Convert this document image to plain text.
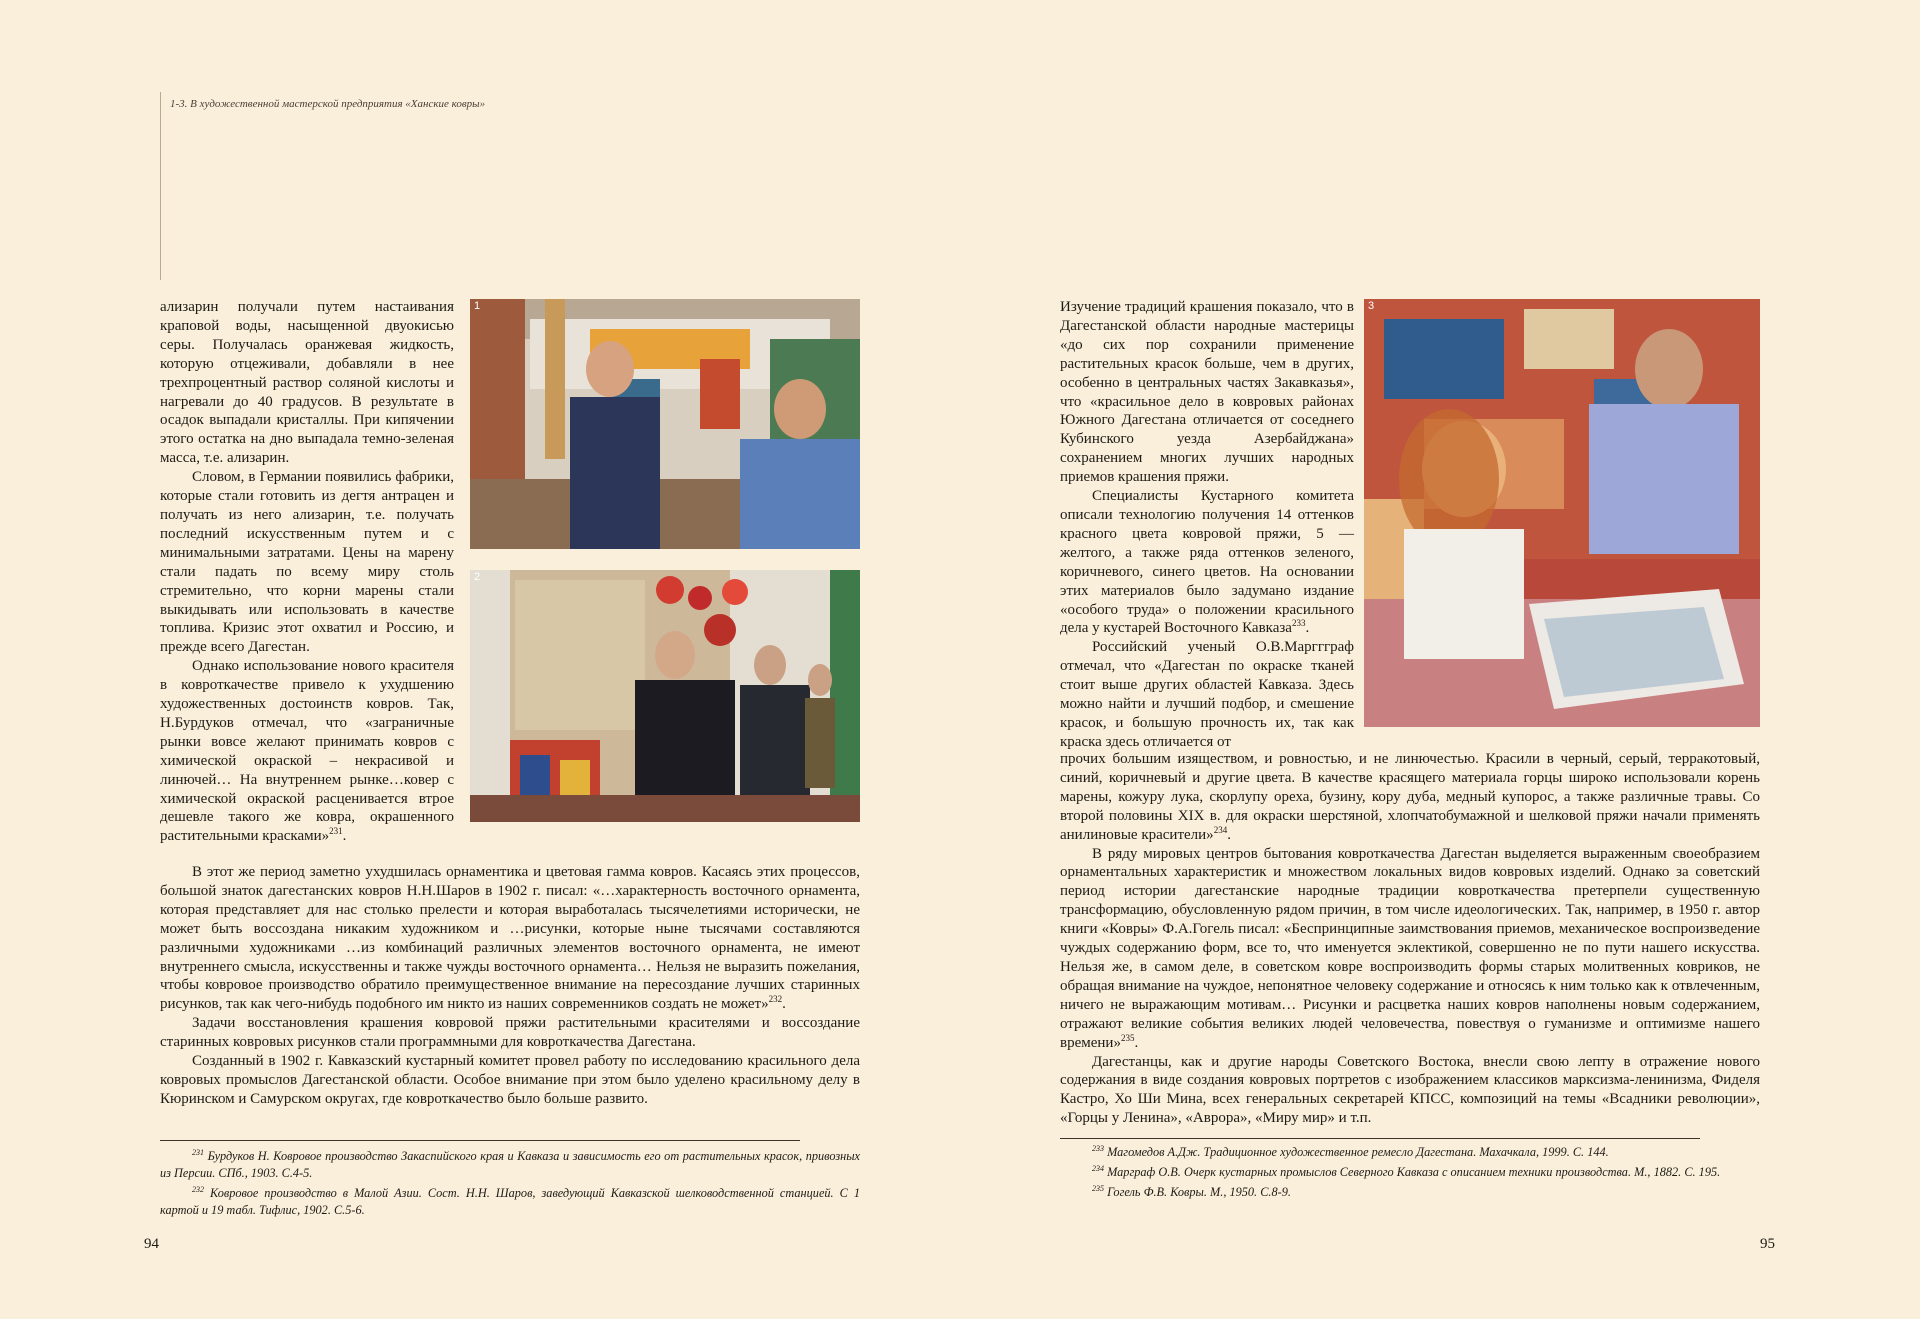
1-3. В художественной мастерской предприятия «Ханские ковры»

ализарин получали путем настаивания краповой воды, насыщенной двуокисью серы. Получалась оранжевая жидкость, которую отцеживали, добавляли в нее трехпроцентный раствор соляной кислоты и нагревали до 40 градусов. В результате в осадок выпадали кристаллы. При кипячении этого остатка на дно выпадала темно-зеленая масса, т.е. ализарин.

Словом, в Германии появились фабрики, которые стали готовить из дегтя антрацен и получать из него ализарин, т.е. получать последний искусственным путем и с минимальными затратами. Цены на марену стали падать по всему миру столь стремительно, что корни марены стали выкидывать или использовать в качестве топлива. Кризис этот охватил и Россию, и прежде всего Дагестан.

Однако использование нового красителя в ковроткачестве привело к ухудшению художественных достоинств ковров. Так, Н.Бурдуков отмечал, что «заграничные рынки вовсе желают принимать ковров с химической окраской – некрасивой и линючей… На внутреннем рынке…ковер с химической окраской расценивается втрое дешевле такого же ковра, окрашенного растительными красками»$^{231}$.

1
2

В этот же период заметно ухудшилась орнаментика и цветовая гамма ковров. Касаясь этих процессов, большой знаток дагестанских ковров Н.Н.Шаров в 1902 г. писал: «…характерность восточного орнамента, которая представляет для нас столько прелести и которая выработалась тысячелетиями исторически, не может быть воссоздана никаким художником и …рисунки, которые ныне тысячами составляются различными художниками …из комбинаций различных элементов восточного орнамента, не имеют внутреннего смысла, искусственны и также чужды восточного орнамента… Нельзя не выразить пожелания, чтобы ковровое производство обратило преимущественное внимание на пересоздание лучших старинных рисунков, так как чего-нибудь подобного им никто из наших современников создать не может»$^{232}$.

Задачи восстановления крашения ковровой пряжи растительными красителями и воссоздание старинных ковровых рисунков стали программными для ковроткачества Дагестана.

Созданный в 1902 г. Кавказский кустарный комитет провел работу по исследованию красильного дела ковровых промыслов Дагестанской области. Особое внимание при этом было уделено красильному делу в Кюринском и Самурском округах, где ковроткачество было больше развито.

$^{231}$ Бурдуков Н. Ковровое производство Закаспийского края и Кавказа и зависимость его от растительных красок, привозных из Персии. СПб., 1903. С.4-5.

$^{232}$ Ковровое производство в Малой Азии. Сост. Н.Н. Шаров, заведующий Кавказской шелководственной станцией. С 1 картой и 19 табл. Тифлис, 1902. С.5-6.

94

Изучение традиций крашения показало, что в Дагестанской области народные мастерицы «до сих пор сохранили применение растительных красок больше, чем в других, особенно в центральных частях Закавказья», что «красильное дело в ковровых районах Южного Дагестана отличается от соседнего Кубинского уезда Азербайджана» сохранением многих лучших народных приемов крашения пряжи.

Специалисты Кустарного комитета описали технологию получения 14 оттенков красного цвета ковровой пряжи, 5 — желтого, а также ряда оттенков зеленого, коричневого, синего цветов. На основании этих материалов было задумано издание «особого труда» о положении красильного дела у кустарей Восточного Кавказа$^{233}$.

Российский ученый О.В.Марггграф отмечал, что «Дагестан по окраске тканей стоит выше других областей Кавказа. Здесь можно найти и лучший подбор, и смешение красок, и большую прочность их, так как краска здесь отличается от

3

прочих большим изяществом, и ровностью, и не линючестью. Красили в черный, серый, терракотовый, синий, коричневый и другие цвета. В качестве красящего материала горцы широко использовали корень марены, кожуру лука, скорлупу ореха, бузину, кору дуба, медный купорос, а также различные травы. Со второй половины XIX в. для окраски шерстяной, хлопчатобумажной и шелковой пряжи начали применять анилиновые красители»$^{234}$.

В ряду мировых центров бытования ковроткачества Дагестан выделяется выраженным своеобразием орнаментальных характеристик и множеством локальных видов ковровых изделий. Однако за советский период истории дагестанские народные традиции ковроткачества претерпели существенную трансформацию, обусловленную рядом причин, в том числе идеологических. Так, например, в 1950 г. автор книги «Ковры» Ф.А.Гогель писал: «Беспринципные заимствования приемов, механическое воспроизведение чуждых содержанию форм, все то, что именуется эклектикой, совершенно не по пути нашего искусства. Нельзя же, в самом деле, в советском ковре воспроизводить формы старых молитвенных ковриков, не обращая внимание на чуждое, непонятное человеку содержание и относясь к ним только как к отвлеченным, ничего не выражающим мотивам… Рисунки и расцветка наших ковров наполнены новым содержанием, отражают великие события великих людей человечества, повествуя о гуманизме и оптимизме нашего времени»$^{235}$.

Дагестанцы, как и другие народы Советского Востока, внесли свою лепту в отражение нового содержания в виде создания ковровых портретов с изображением классиков марксизма-ленинизма, Фиделя Кастро, Хо Ши Мина, всех генеральных секретарей КПСС, композиций на темы «Всадники революции», «Горцы у Ленина», «Аврора», «Миру мир» и т.п.

$^{233}$ Магомедов А.Дж. Традиционное художественное ремесло Дагестана. Махачкала, 1999. С. 144.

$^{234}$ Марграф О.В. Очерк кустарных промыслов Северного Кавказа с описанием техники производства. М., 1882. С. 195.

$^{235}$ Гогель Ф.В. Ковры. М., 1950. С.8-9.

95
